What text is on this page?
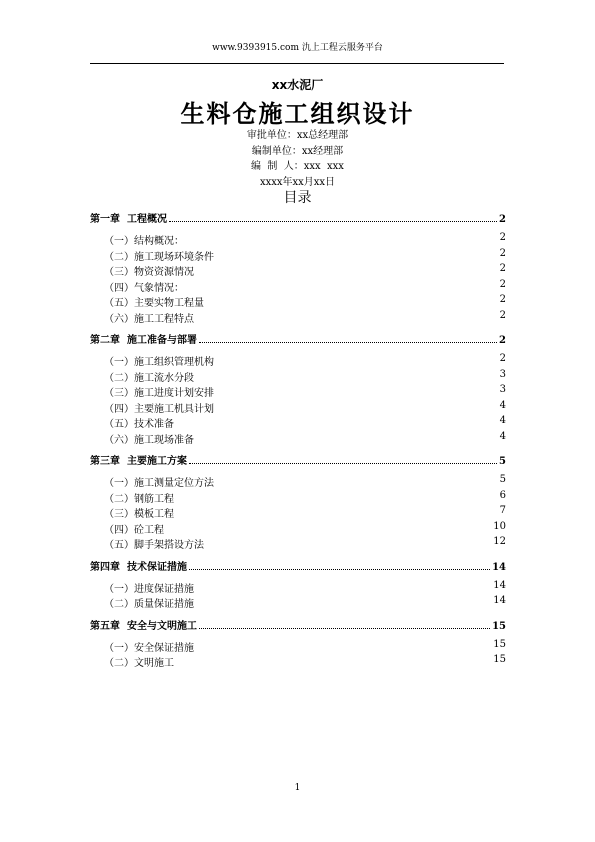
www.9393915.com 氿上工程云服务平台
xx水泥厂
生料仓施工组织设计
审批单位：xx总经理部
编制单位：xx经理部
编  制  人：xxx  xxx
xxxx年xx月xx日
目录
第一章  工程概况	2
（一）结构概况：	2
（二）施工现场环境条件	2
（三）物资资源情况	2
（四）气象情况：	2
（五）主要实物工程量	2
（六）施工工程特点	2
第二章  施工准备与部署	2
（一）施工组织管理机构	2
（二）施工流水分段	3
（三）施工进度计划安排	3
（四）主要施工机具计划	4
（五）技术准备	4
（六）施工现场准备	4
第三章  主要施工方案	5
（一）施工测量定位方法	5
（二）钢筋工程	6
（三）模板工程	7
（四）砼工程	10
（五）脚手架搭设方法	12
第四章  技术保证措施	14
（一）进度保证措施	14
（二）质量保证措施	14
第五章  安全与文明施工	15
（一）安全保证措施	15
（二）文明施工	15
1
